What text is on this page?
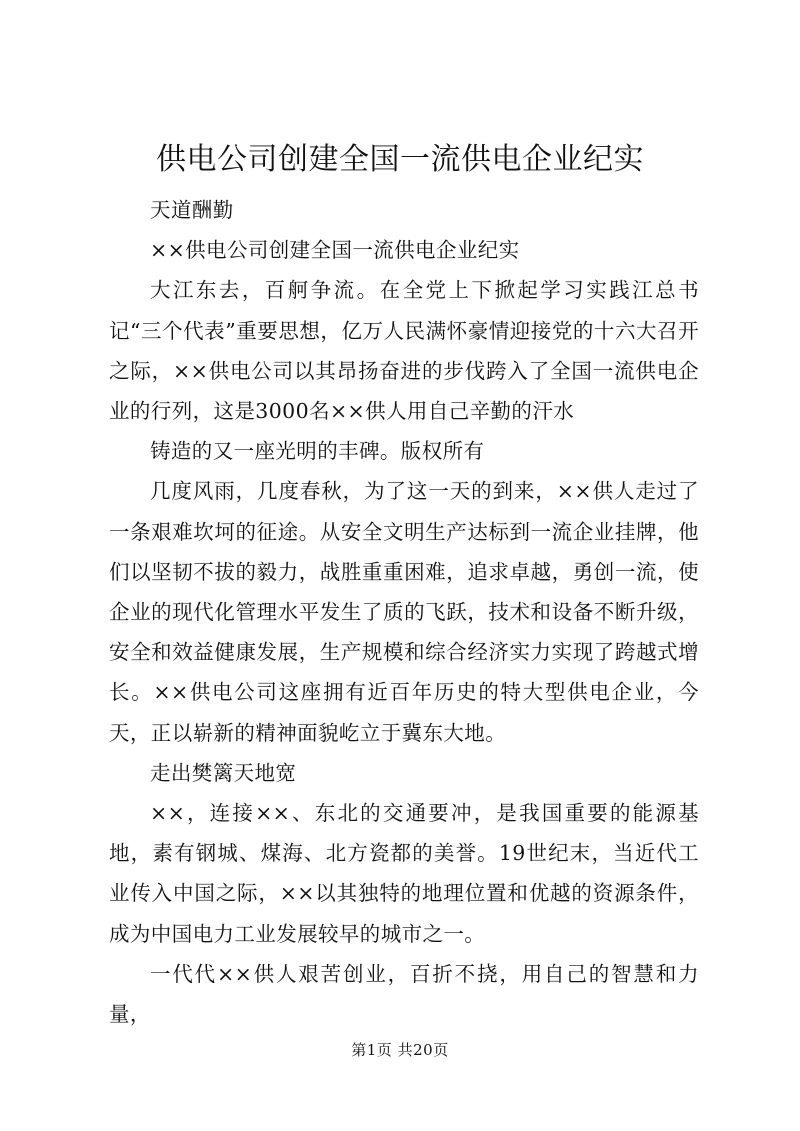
供电公司创建全国一流供电企业纪实

天道酬勤

××供电公司创建全国一流供电企业纪实

大江东去，百舸争流。在全党上下掀起学习实践江总书记“三个代表”重要思想，亿万人民满怀豪情迎接党的十六大召开之际，××供电公司以其昂扬奋进的步伐跨入了全国一流供电企业的行列，这是3000名××供人用自己辛勤的汗水

铸造的又一座光明的丰碑。版权所有

几度风雨，几度春秋，为了这一天的到来，××供人走过了一条艰难坎坷的征途。从安全文明生产达标到一流企业挂牌，他们以坚韧不拔的毅力，战胜重重困难，追求卓越，勇创一流，使企业的现代化管理水平发生了质的飞跃，技术和设备不断升级，安全和效益健康发展，生产规模和综合经济实力实现了跨越式增长。××供电公司这座拥有近百年历史的特大型供电企业，今天，正以崭新的精神面貌屹立于冀东大地。

走出樊篱天地宽

××，连接××、东北的交通要冲，是我国重要的能源基地，素有钢城、煤海、北方瓷都的美誉。19世纪末，当近代工业传入中国之际，××以其独特的地理位置和优越的资源条件，成为中国电力工业发展较早的城市之一。

一代代××供人艰苦创业，百折不挠，用自己的智慧和力量，

第1页 共20页
